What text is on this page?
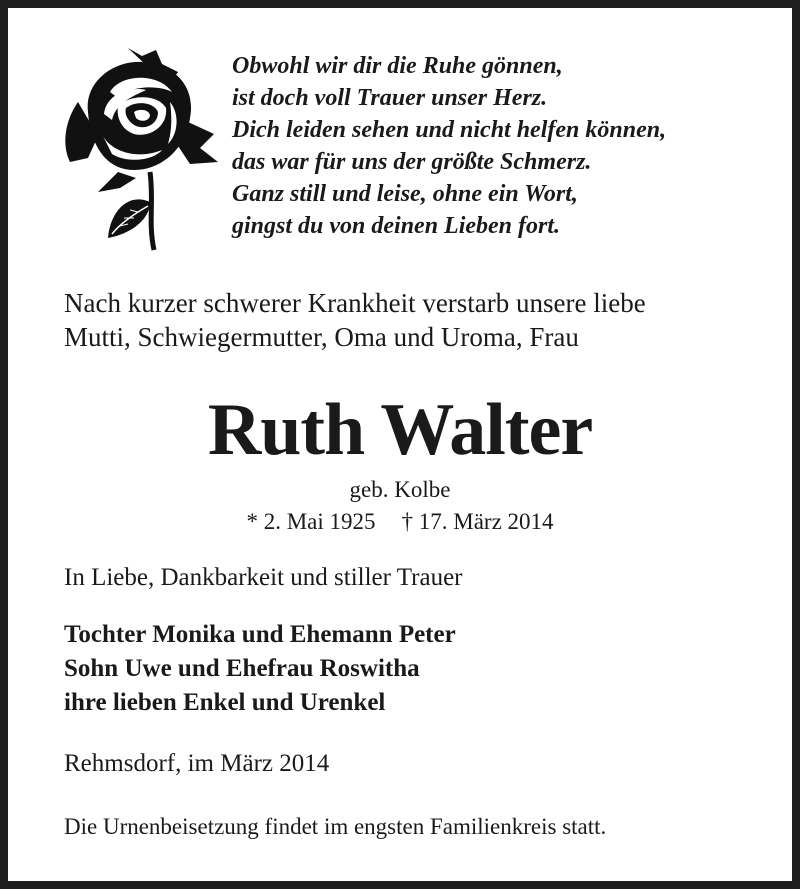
Obwohl wir dir die Ruhe gönnen,
ist doch voll Trauer unser Herz.
Dich leiden sehen und nicht helfen können,
das war für uns der größte Schmerz.
Ganz still und leise, ohne ein Wort,
gingst du von deinen Lieben fort.
Nach kurzer schwerer Krankheit verstarb unsere liebe
Mutti, Schwiegermutter, Oma und Uroma, Frau
Ruth Walter
geb. Kolbe
* 2. Mai 1925 † 17. März 2014
In Liebe, Dankbarkeit und stiller Trauer
Tochter Monika und Ehemann Peter
Sohn Uwe und Ehefrau Roswitha
ihre lieben Enkel und Urenkel
Rehmsdorf, im März 2014
Die Urnenbeisetzung findet im engsten Familienkreis statt.
